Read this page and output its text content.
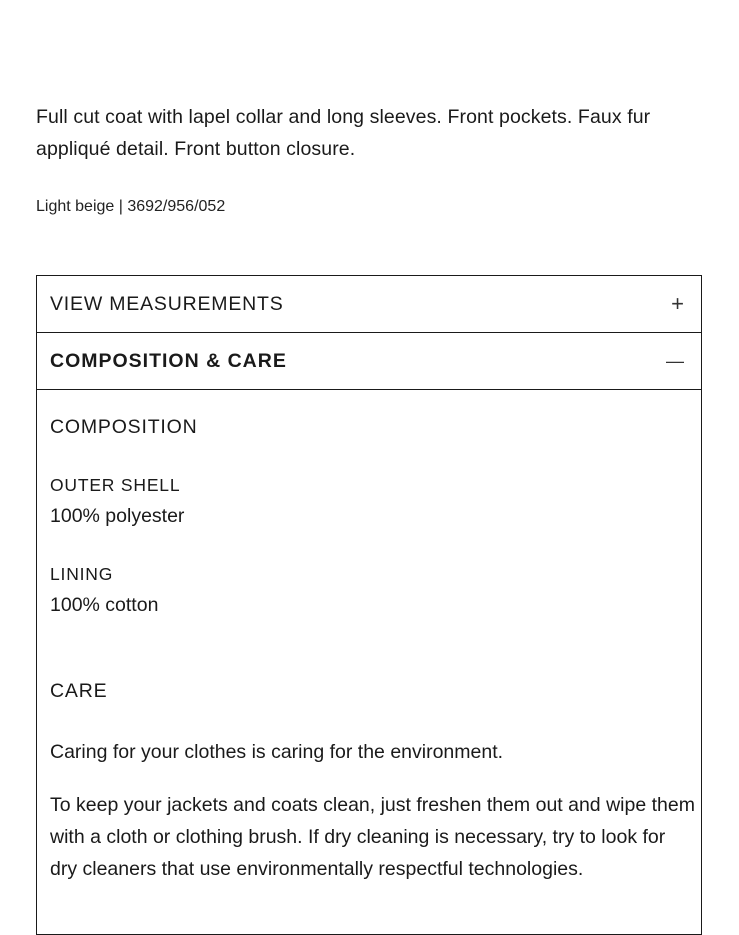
Full cut coat with lapel collar and long sleeves. Front pockets. Faux fur appliqué detail. Front button closure.

Light beige | 3692/956/052

VIEW MEASUREMENTS	+
COMPOSITION & CARE	—

COMPOSITION

OUTER SHELL

100% polyester

LINING

100% cotton

CARE

Caring for your clothes is caring for the environment.

To keep your jackets and coats clean, just freshen them out and wipe them with a cloth or clothing brush. If dry cleaning is necessary, try to look for dry cleaners that use environmentally respectful technologies.
